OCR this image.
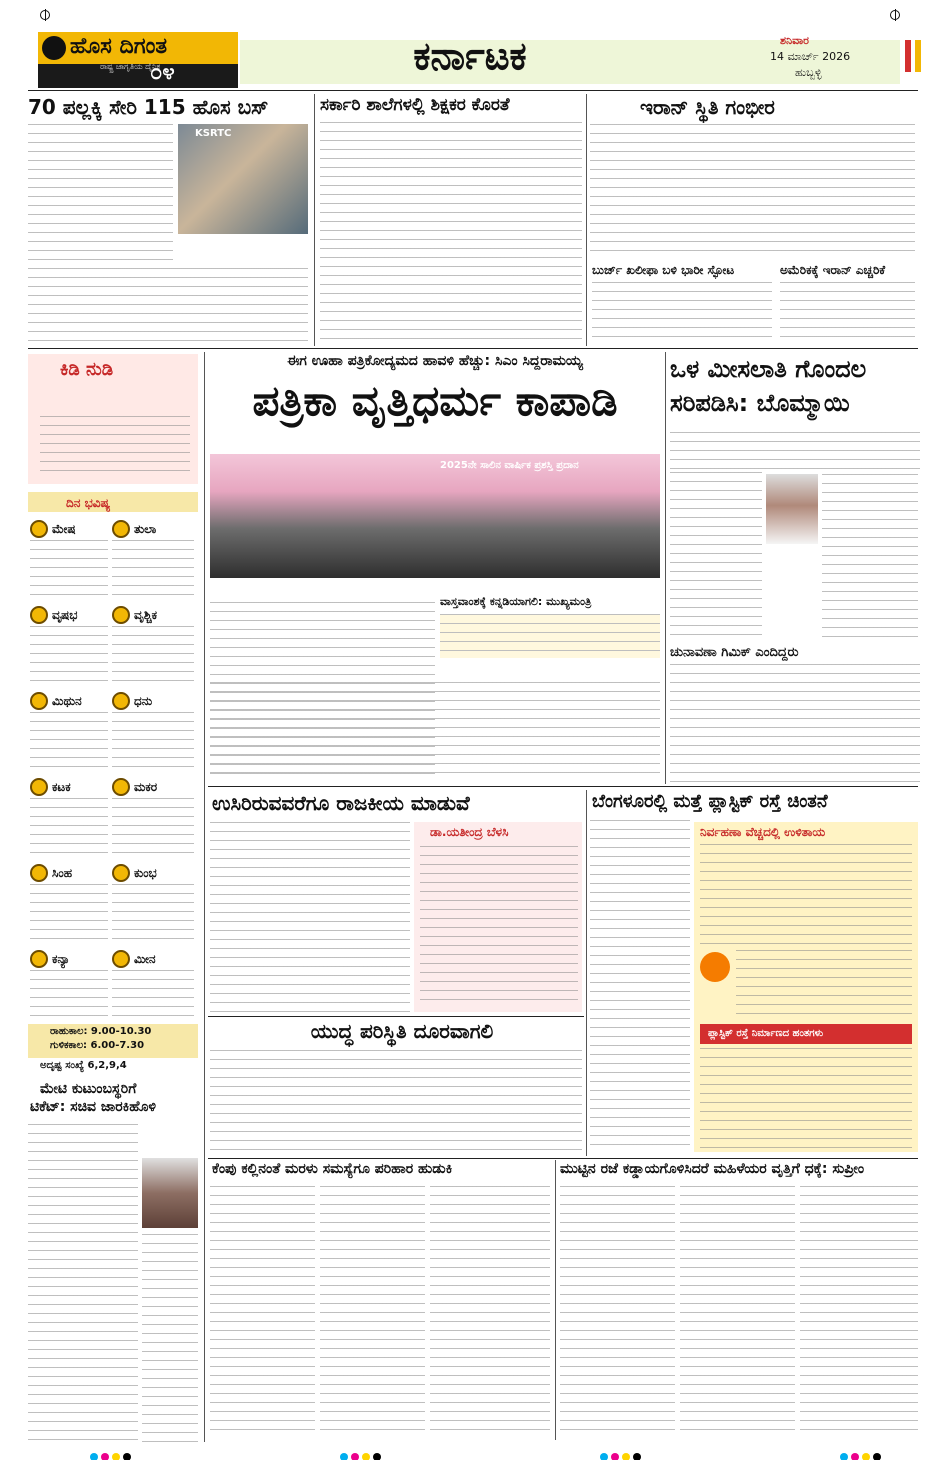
ಹೊಸ ದಿಗಂತ
ರಾಷ್ಟ್ರ ಜಾಗೃತಿಯ ದೈನಿಕ
೦೪	ಕರ್ನಾಟಕ	ಶನಿವಾರ
14 ಮಾರ್ಚ್ 2026
ಹುಬ್ಬಳ್ಳಿ
70 ಪಲ್ಲಕ್ಕಿ ಸೇರಿ 115 ಹೊಸ ಬಸ್
KSRTC
ಸರ್ಕಾರಿ ಶಾಲೆಗಳಲ್ಲಿ ಶಿಕ್ಷಕರ ಕೊರತೆ	ಇರಾನ್ ಸ್ಥಿತಿ ಗಂಭೀರ
ಬುರ್ಜ್ ಖಲೀಫಾ ಬಳಿ ಭಾರೀ ಸ್ಫೋಟ	ಅಮೆರಿಕಕ್ಕೆ ಇರಾನ್ ಎಚ್ಚರಿಕೆ
ಕಿಡಿ ನುಡಿ
ದಿನ ಭವಿಷ್ಯ
ಮೇಷ	ತುಲಾ
ವೃಷಭ	ವೃಶ್ಚಿಕ
ಮಿಥುನ	ಧನು
ಕಟಕ	ಮಕರ
ಸಿಂಹ	ಕುಂಭ
ಕನ್ಯಾ	ಮೀನ
ರಾಹುಕಾಲ: 9.00-10.30
ಗುಳಿಕಕಾಲ: 6.00-7.30
ಅದೃಷ್ಟ ಸಂಖ್ಯೆ 6,2,9,4
ಮೇಟಿ ಕುಟುಂಬಸ್ಥರಿಗೆ
ಟಿಕೆಟ್: ಸಚಿವ ಜಾರಕಿಹೊಳಿ
ಈಗ ಊಹಾ ಪತ್ರಿಕೋದ್ಯಮದ ಹಾವಳಿ ಹೆಚ್ಚು: ಸಿಎಂ ಸಿದ್ದರಾಮಯ್ಯ
ಪತ್ರಿಕಾ ವೃತ್ತಿಧರ್ಮ ಕಾಪಾಡಿ
2025ನೇ ಸಾಲಿನ ವಾರ್ಷಿಕ ಪ್ರಶಸ್ತಿ ಪ್ರದಾನ
ವಾಸ್ತವಾಂಶಕ್ಕೆ ಕನ್ನಡಿಯಾಗಲಿ: ಮುಖ್ಯಮಂತ್ರಿ
ಒಳ ಮೀಸಲಾತಿ ಗೊಂದಲ
ಸರಿಪಡಿಸಿ: ಬೊಮ್ಮಾಯಿ
ಚುನಾವಣಾ ಗಿಮಿಕ್ ಎಂದಿದ್ದರು
ಉಸಿರಿರುವವರೆಗೂ ರಾಜಕೀಯ ಮಾಡುವೆ
ಡಾ.ಯತೀಂದ್ರ ಬೆಳಸಿ
ಬೆಂಗಳೂರಲ್ಲಿ ಮತ್ತೆ ಪ್ಲಾಸ್ಟಿಕ್ ರಸ್ತೆ ಚಿಂತನೆ
ನಿರ್ವಹಣಾ ವೆಚ್ಚದಲ್ಲಿ ಉಳಿತಾಯ
ಪ್ಲಾಸ್ಟಿಕ್ ರಸ್ತೆ ನಿರ್ಮಾಣದ ಹಂತಗಳು
ಯುದ್ಧ ಪರಿಸ್ಥಿತಿ ದೂರವಾಗಲಿ
ಕೆಂಪು ಕಲ್ಲಿನಂತೆ ಮರಳು ಸಮಸ್ಯೆಗೂ ಪರಿಹಾರ ಹುಡುಕಿ	ಮುಟ್ಟಿನ ರಜೆ ಕಡ್ಡಾಯಗೊಳಿಸಿದರೆ ಮಹಿಳೆಯರ ವೃತ್ತಿಗೆ ಧಕ್ಕೆ: ಸುಪ್ರೀಂ
